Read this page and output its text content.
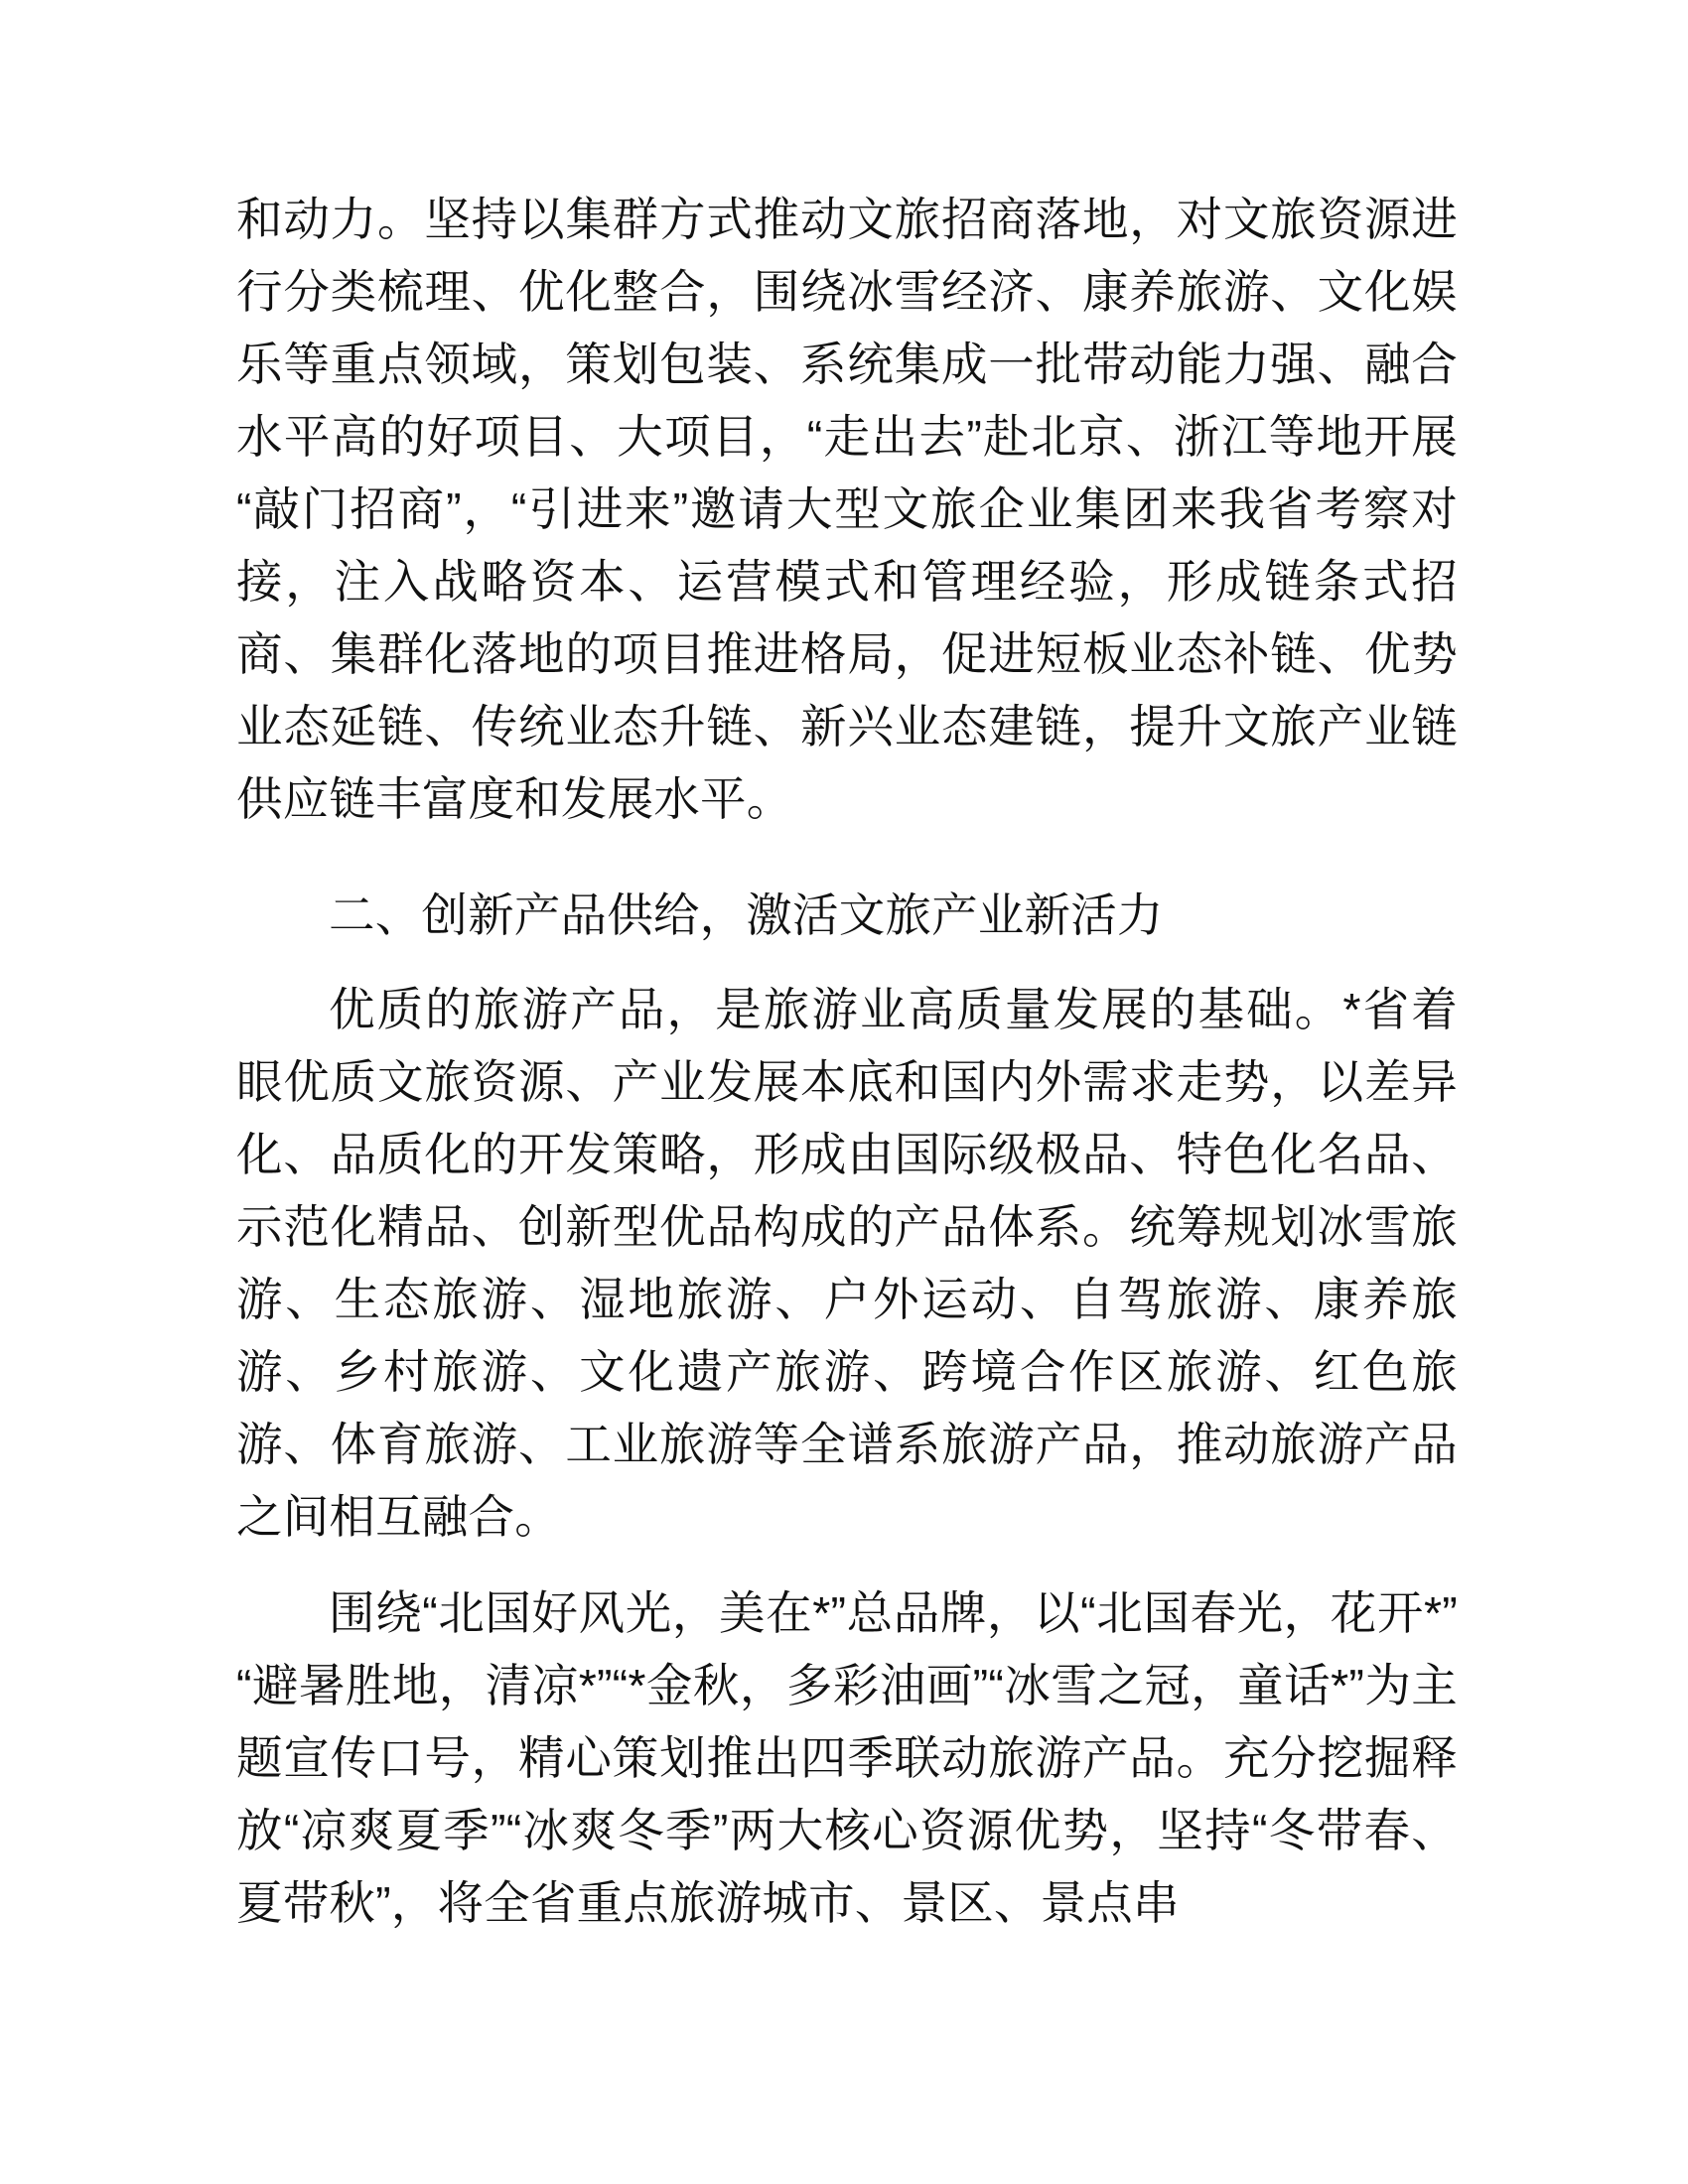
和动力。坚持以集群方式推动文旅招商落地，对文旅资源进行分类梳理、优化整合，围绕冰雪经济、康养旅游、文化娱乐等重点领域，策划包装、系统集成一批带动能力强、融合水平高的好项目、大项目，“走出去”赴北京、浙江等地开展“敲门招商”，“引进来”邀请大型文旅企业集团来我省考察对接，注入战略资本、运营模式和管理经验，形成链条式招商、集群化落地的项目推进格局，促进短板业态补链、优势业态延链、传统业态升链、新兴业态建链，提升文旅产业链供应链丰富度和发展水平。

二、创新产品供给，激活文旅产业新活力

优质的旅游产品，是旅游业高质量发展的基础。*省着眼优质文旅资源、产业发展本底和国内外需求走势，以差异化、品质化的开发策略，形成由国际级极品、特色化名品、示范化精品、创新型优品构成的产品体系。统筹规划冰雪旅游、生态旅游、湿地旅游、户外运动、自驾旅游、康养旅游、乡村旅游、文化遗产旅游、跨境合作区旅游、红色旅游、体育旅游、工业旅游等全谱系旅游产品，推动旅游产品之间相互融合。

围绕“北国好风光，美在*”总品牌，以“北国春光，花开*”“避暑胜地，清凉*”“*金秋，多彩油画”“冰雪之冠，童话*”为主题宣传口号，精心策划推出四季联动旅游产品。充分挖掘释放“凉爽夏季”“冰爽冬季”两大核心资源优势，坚持“冬带春、夏带秋”，将全省重点旅游城市、景区、景点串
